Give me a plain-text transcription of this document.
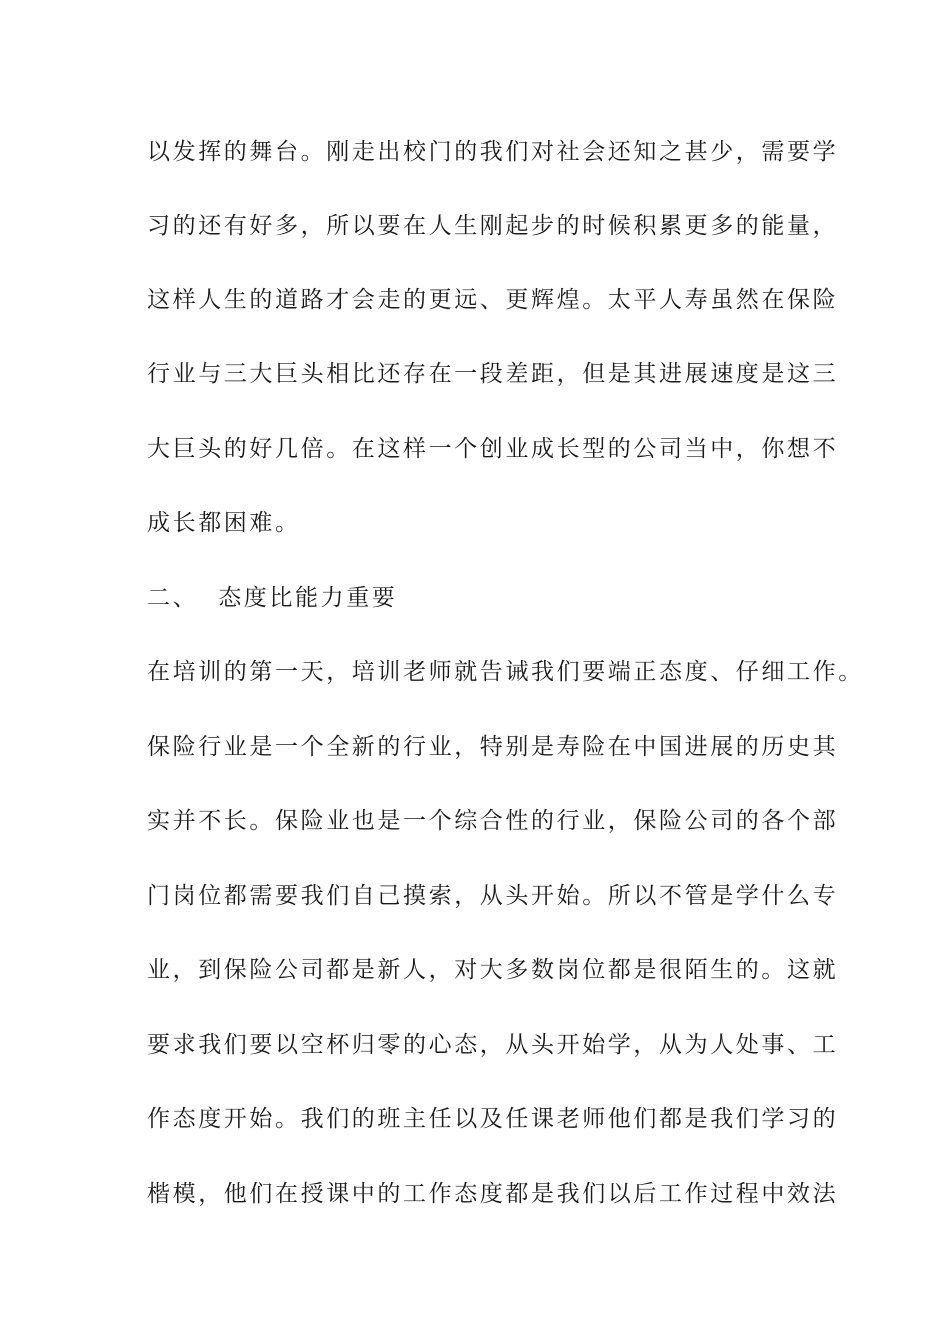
以发挥的舞台。刚走出校门的我们对社会还知之甚少，需要学
习的还有好多，所以要在人生刚起步的时候积累更多的能量，
这样人生的道路才会走的更远、更辉煌。太平人寿虽然在保险
行业与三大巨头相比还存在一段差距，但是其进展速度是这三
大巨头的好几倍。在这样一个创业成长型的公司当中，你想不
成长都困难。
二、 态度比能力重要
在培训的第一天，培训老师就告诫我们要端正态度、仔细工作。
保险行业是一个全新的行业，特别是寿险在中国进展的历史其
实并不长。保险业也是一个综合性的行业，保险公司的各个部
门岗位都需要我们自己摸索，从头开始。所以不管是学什么专
业，到保险公司都是新人，对大多数岗位都是很陌生的。这就
要求我们要以空杯归零的心态，从头开始学，从为人处事、工
作态度开始。我们的班主任以及任课老师他们都是我们学习的
楷模，他们在授课中的工作态度都是我们以后工作过程中效法
